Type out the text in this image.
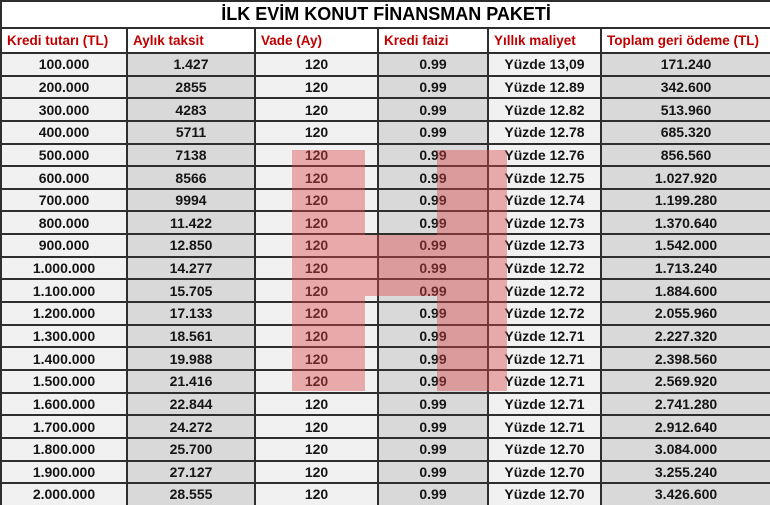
İLK EVİM KONUT FİNANSMAN PAKETİ					
Kredi tutarı (TL)	Aylık taksit	Vade (Ay)	Kredi faizi	Yıllık maliyet	Toplam geri ödeme (TL)
100.000	1.427	120	0.99	Yüzde 13,09	171.240
200.000	2855	120	0.99	Yüzde 12.89	342.600
300.000	4283	120	0.99	Yüzde 12.82	513.960
400.000	5711	120	0.99	Yüzde 12.78	685.320
500.000	7138	120	0.99	Yüzde 12.76	856.560
600.000	8566	120	0.99	Yüzde 12.75	1.027.920
700.000	9994	120	0.99	Yüzde 12.74	1.199.280
800.000	11.422	120	0.99	Yüzde 12.73	1.370.640
900.000	12.850	120	0.99	Yüzde 12.73	1.542.000
1.000.000	14.277	120	0.99	Yüzde 12.72	1.713.240
1.100.000	15.705	120	0.99	Yüzde 12.72	1.884.600
1.200.000	17.133	120	0.99	Yüzde 12.72	2.055.960
1.300.000	18.561	120	0.99	Yüzde 12.71	2.227.320
1.400.000	19.988	120	0.99	Yüzde 12.71	2.398.560
1.500.000	21.416	120	0.99	Yüzde 12.71	2.569.920
1.600.000	22.844	120	0.99	Yüzde 12.71	2.741.280
1.700.000	24.272	120	0.99	Yüzde 12.71	2.912.640
1.800.000	25.700	120	0.99	Yüzde 12.70	3.084.000
1.900.000	27.127	120	0.99	Yüzde 12.70	3.255.240
2.000.000	28.555	120	0.99	Yüzde 12.70	3.426.600
